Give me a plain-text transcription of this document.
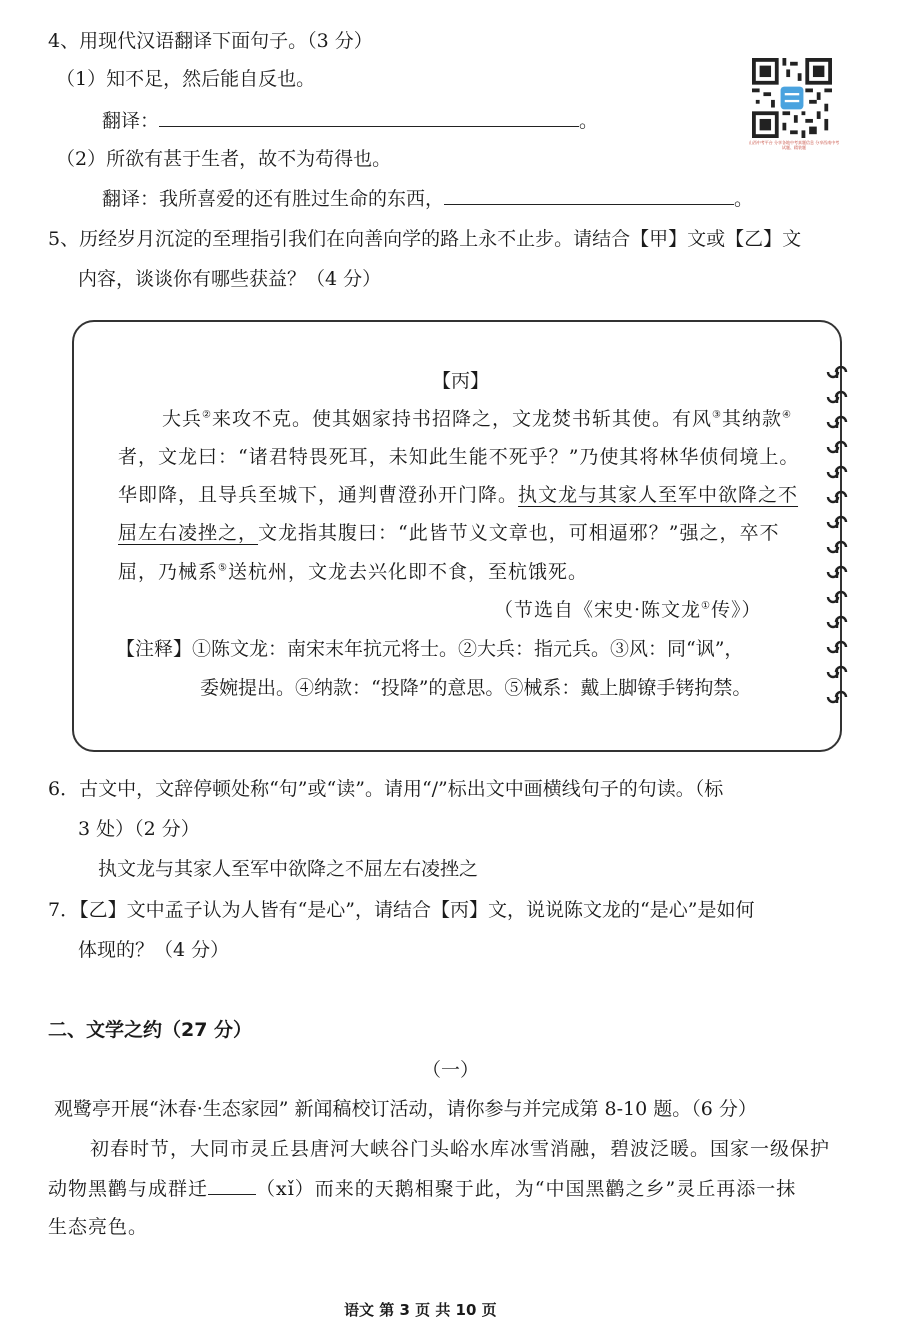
4、用现代汉语翻译下面句子。（3 分）
（1）知不足，然后能自反也。
翻译：	。
（2）所欲有甚于生者，故不为苟得也。
翻译：我所喜爱的还有胜过生命的东西，	。
山西中考平台 分享各地中考真题信息 分享西南中考试题、精装题
5、历经岁月沉淀的至理指引我们在向善向学的路上永不止步。请结合【甲】文或【乙】文
内容，谈谈你有哪些获益？（4 分）
【丙】
大兵②来攻不克。使其姻家持书招降之，文龙焚书斩其使。有风③其纳款④
者，文龙曰：“诸君特畏死耳，未知此生能不死乎？”乃使其将林华侦伺境上。
华即降，且导兵至城下，通判曹澄孙开门降。执文龙与其家人至军中欲降之不
屈左右凌挫之，文龙指其腹曰：“此皆节义文章也，可相逼邪？”强之，卒不
屈，乃械系⑤送杭州，文龙去兴化即不食，至杭饿死。
（节选自《宋史·陈文龙①传》）
【注释】①陈文龙：南宋末年抗元将士。②大兵：指元兵。③风：同“讽”，
委婉提出。④纳款：“投降”的意思。⑤械系：戴上脚镣手铐拘禁。
6．古文中，文辞停顿处称“句”或“读”。请用“/”标出文中画横线句子的句读。（标
3 处）（2 分）
执文龙与其家人至军中欲降之不屈左右凌挫之
7．【乙】文中孟子认为人皆有“是心”，请结合【丙】文，说说陈文龙的“是心”是如何
体现的？（4 分）
二、文学之约（27 分）
（一）
观鹭亭开展“沐春·生态家园” 新闻稿校订活动，请你参与并完成第 8-10 题。（6 分）
初春时节，大同市灵丘县唐河大峡谷门头峪水库冰雪消融，碧波泛暖。国家一级保护
动物黑鹳与成群迁	（xǐ）而来的天鹅相聚于此，为“中国黑鹳之乡”灵丘再添一抹
生态亮色。
语文 第 3 页 共 10 页
